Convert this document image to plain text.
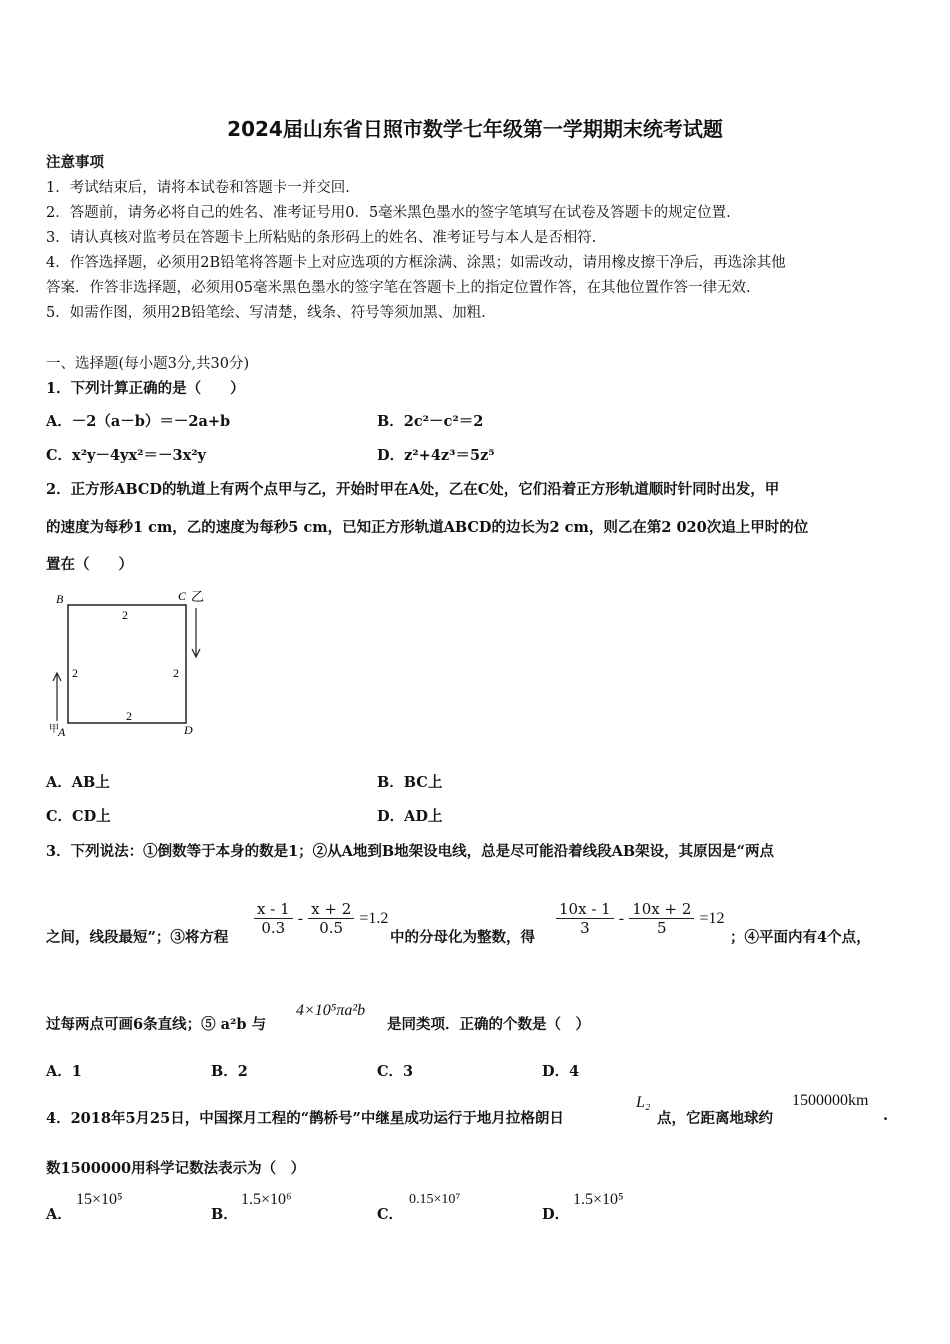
2024届山东省日照市数学七年级第一学期期末统考试题
注意事项
1．考试结束后，请将本试卷和答题卡一并交回.
2．答题前，请务必将自己的姓名、准考证号用0．5毫米黑色墨水的签字笔填写在试卷及答题卡的规定位置.
3．请认真核对监考员在答题卡上所粘贴的条形码上的姓名、准考证号与本人是否相符.
4．作答选择题，必须用2B铅笔将答题卡上对应选项的方框涂满、涂黑；如需改动，请用橡皮擦干净后，再选涂其他
答案．作答非选择题，必须用05毫米黑色墨水的签字笔在答题卡上的指定位置作答，在其他位置作答一律无效.
5．如需作图，须用2B铅笔绘、写清楚，线条、符号等须加黑、加粗.
一、选择题(每小题3分,共30分)
1．下列计算正确的是（　　）
A．－2（a－b）＝－2a+b	B．2c²－c²＝2
C．x²y－4yx²＝－3x²y	D．z²+4z³＝5z⁵
2．正方形ABCD的轨道上有两个点甲与乙，开始时甲在A处，乙在C处，它们沿着正方形轨道顺时针同时出发，甲
的速度为每秒1 cm，乙的速度为每秒5 cm，已知正方形轨道ABCD的边长为2 cm，则乙在第2 020次追上甲时的位
置在（　　）
B	C 乙
A	D
甲
2
2	2
2
A．AB上	B．BC上
C．CD上	D．AD上
3．下列说法：①倒数等于本身的数是1；②从A地到B地架设电线，总是尽可能沿着线段AB架设，其原因是“两点
之间，线段最短”；③将方程
$\frac{x - 1}{0.3} - \frac{x + 2}{0.5} =1.2$
中的分母化为整数，得
$\frac{10x - 1}{3} - \frac{10x + 2}{5} =12$
；④平面内有4个点，
过每两点可画6条直线；⑤ a²b 与
4×10⁵πa²b
是同类项．正确的个数是（　）
A．1	B．2	C．3	D．4
4．2018年5月25日，中国探月工程的“鹊桥号”中继星成功运行于地月拉格朗日
L₂
点，它距离地球约
1500000km
.
数1500000用科学记数法表示为（　）
A．
15×10⁵
B．
1.5×10⁶
C．
0.15×10⁷
D．
1.5×10⁵
